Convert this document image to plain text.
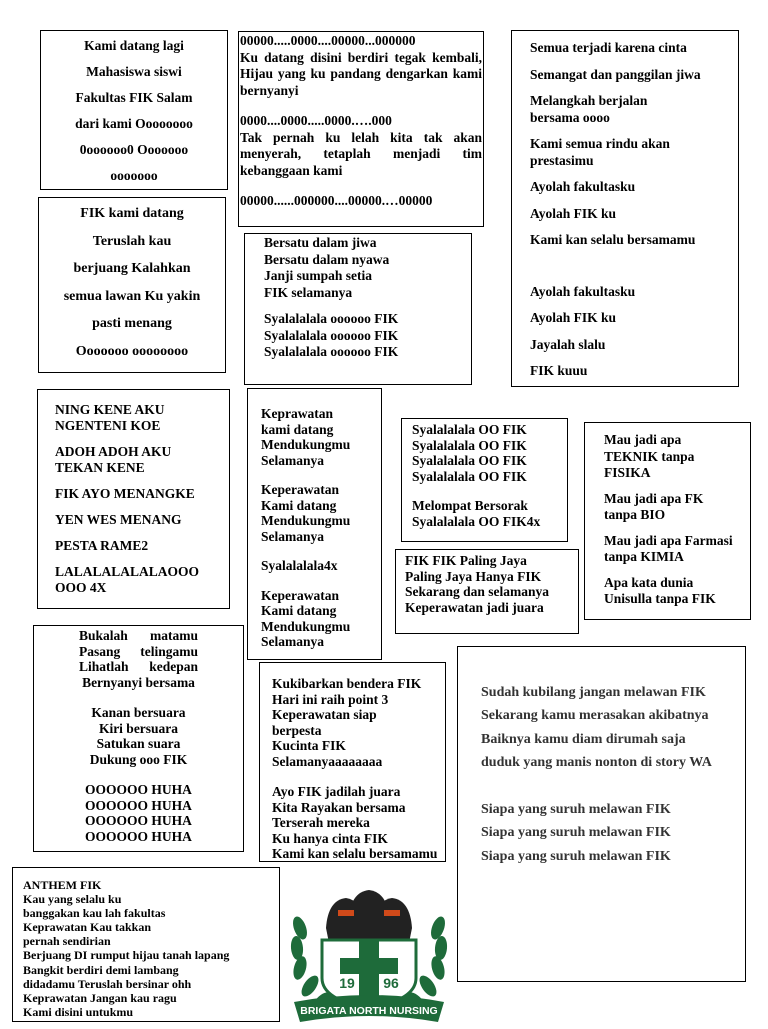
Kami datang lagi
Mahasiswa siswi
Fakultas FIK Salam
dari kami Oooooooo
0oooooo0 Ooooooo
ooooooo
00000.....0000....00000...000000
Ku datang disini berdiri tegak kembali, Hijau yang ku pandang dengarkan kami bernyanyi
0000....0000.....0000.….000
Tak pernah ku lelah kita tak akan menyerah, tetaplah menjadi tim kebanggaan kami
00000......000000....00000.…00000
Semua terjadi karena cinta
Semangat dan panggilan jiwa
Melangkah berjalan
bersama oooo
Kami semua rindu akan
prestasimu
Ayolah fakultasku
Ayolah FIK ku
Kami kan selalu bersamamu
Ayolah fakultasku
Ayolah FIK ku
Jayalah slalu
FIK kuuu
FIK kami datang
Teruslah kau
berjuang Kalahkan
semua lawan Ku yakin
pasti menang
Ooooooo oooooooo
Bersatu dalam jiwa
Bersatu dalam nyawa
Janji sumpah setia
FIK selamanya
Syalalalala oooooo FIK
Syalalalala oooooo FIK
Syalalalala oooooo FIK
NING KENE AKU
NGENTENI KOE
ADOH ADOH AKU
TEKAN KENE
FIK AYO MENANGKE
YEN WES MENANG
PESTA RAME2
LALALALALALAOOO
OOO 4X
Keprawatan
kami datang
Mendukungmu
Selamanya
Keperawatan
Kami datang
Mendukungmu
Selamanya
Syalalalala4x
Keperawatan
Kami datang
Mendukungmu
Selamanya
Syalalalala OO FIK
Syalalalala OO FIK
Syalalalala OO FIK
Syalalalala OO FIK
Melompat Bersorak
Syalalalala OO FIK4x
Mau jadi apa
TEKNIK tanpa
FISIKA
Mau jadi apa FK
tanpa BIO
Mau jadi apa Farmasi
tanpa KIMIA
Apa kata dunia
Unisulla tanpa FIK
FIK FIK Paling Jaya
Paling Jaya Hanya FIK
Sekarang dan selamanya
Keperawatan jadi juara
Bukalah matamu
Pasang telingamu
Lihatlah kedepan
Bernyanyi bersama
Kanan bersuara
Kiri bersuara
Satukan suara
Dukung ooo FIK
OOOOOO HUHA
OOOOOO HUHA
OOOOOO HUHA
OOOOOO HUHA
Kukibarkan bendera FIK
Hari ini raih point 3
Keperawatan siap
berpesta
Kucinta FIK
Selamanyaaaaaaaa
Ayo FIK jadilah juara
Kita Rayakan bersama
Terserah mereka
Ku hanya cinta FIK
Kami kan selalu bersamamu
Sudah kubilang jangan melawan FIK
Sekarang kamu merasakan akibatnya
Baiknya kamu diam dirumah saja
duduk yang manis nonton di story WA
Siapa yang suruh melawan FIK
Siapa yang suruh melawan FIK
Siapa yang suruh melawan FIK
ANTHEM FIK
Kau yang selalu ku
banggakan kau lah fakultas
Keprawatan Kau takkan
pernah sendirian
Berjuang DI rumput hijau tanah lapang
Bangkit berdiri demi lambang
didadamu Teruslah bersinar ohh
Keprawatan Jangan kau ragu
Kami disini untukmu
19 96
BRIGATA NORTH NURSING
